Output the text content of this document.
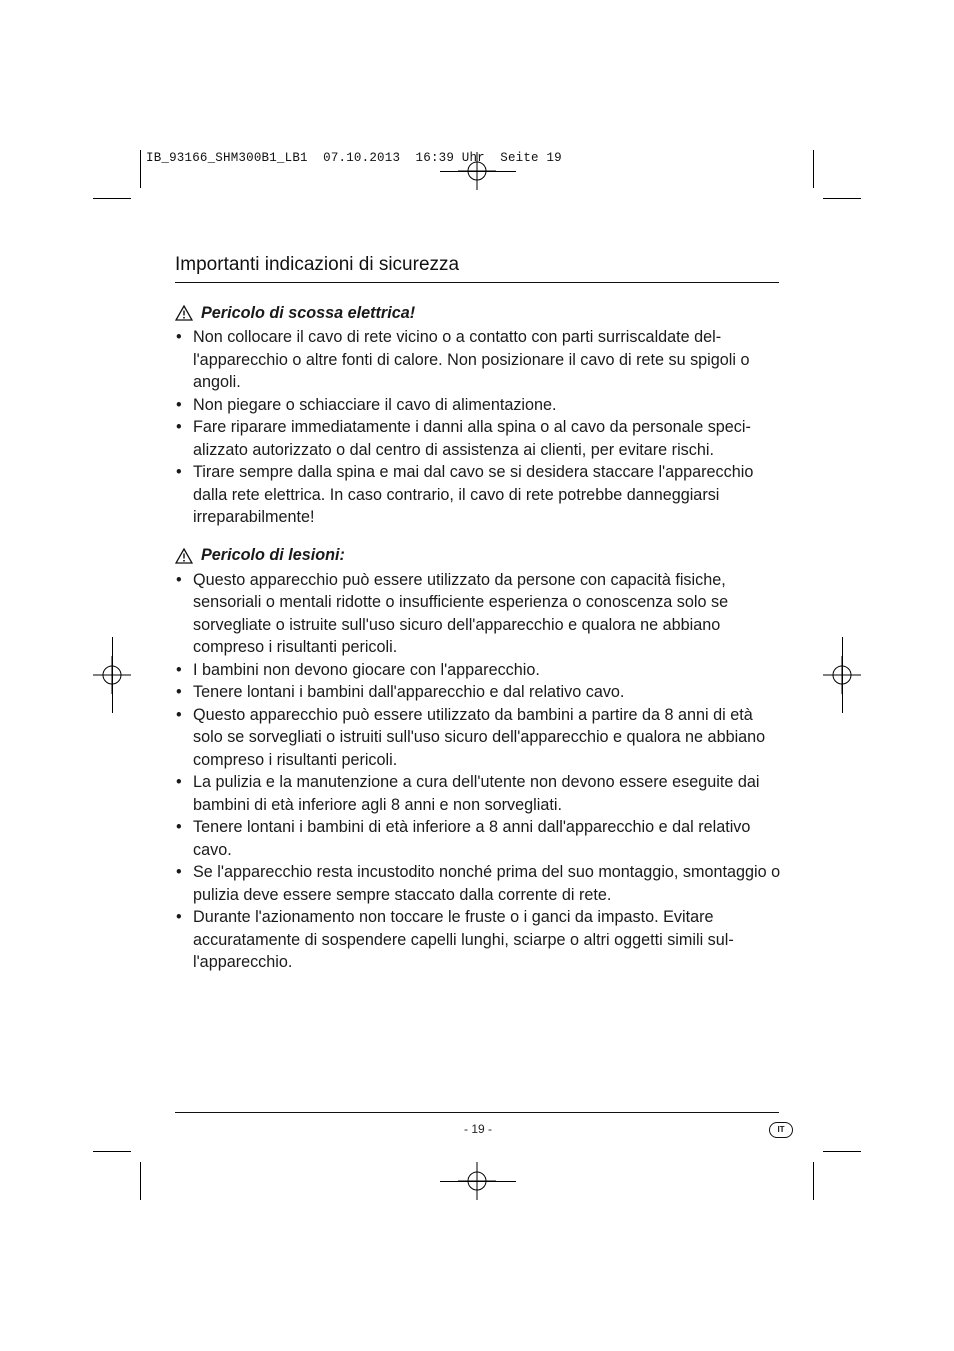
IB_93166_SHM300B1_LB1  07.10.2013  16:39 Uhr  Seite 19
Importanti indicazioni di sicurezza
Pericolo di scossa elettrica!
• Non collocare il cavo di rete vicino o a contatto con parti surriscaldate del-l'apparecchio o altre fonti di calore. Non posizionare il cavo di rete su spigoli o angoli.
• Non piegare o schiacciare il cavo di alimentazione.
• Fare riparare immediatamente i danni alla spina o al cavo da personale speci-alizzato autorizzato o dal centro di assistenza ai clienti, per evitare rischi.
• Tirare sempre dalla spina e mai dal cavo se si desidera staccare l'apparecchio dalla rete elettrica. In caso contrario, il cavo di rete potrebbe danneggiarsi irreparabilmente!
Pericolo di lesioni:
• Questo apparecchio può essere utilizzato da persone con capacità fisiche, sensoriali o mentali ridotte o insufficiente esperienza o conoscenza solo se sorvegliate o istruite sull'uso sicuro dell'apparecchio e qualora ne abbiano compreso i risultanti pericoli.
• I bambini non devono giocare con l'apparecchio.
• Tenere lontani i bambini dall'apparecchio e dal relativo cavo.
• Questo apparecchio può essere utilizzato da bambini a partire da 8 anni di età solo se sorvegliati o istruiti sull'uso sicuro dell'apparecchio e qualora ne abbiano compreso i risultanti pericoli.
• La pulizia e la manutenzione a cura dell'utente non devono essere eseguite dai bambini di età inferiore agli 8 anni e non sorvegliati.
• Tenere lontani i bambini di età inferiore a 8 anni dall'apparecchio e dal relativo cavo.
• Se l'apparecchio resta incustodito nonché prima del suo montaggio, smontaggio o pulizia deve essere sempre staccato dalla corrente di rete.
• Durante l'azionamento non toccare le fruste o i ganci da impasto. Evitare accuratamente di sospendere capelli lunghi, sciarpe o altri oggetti simili sul-l'apparecchio.
- 19 -	IT
